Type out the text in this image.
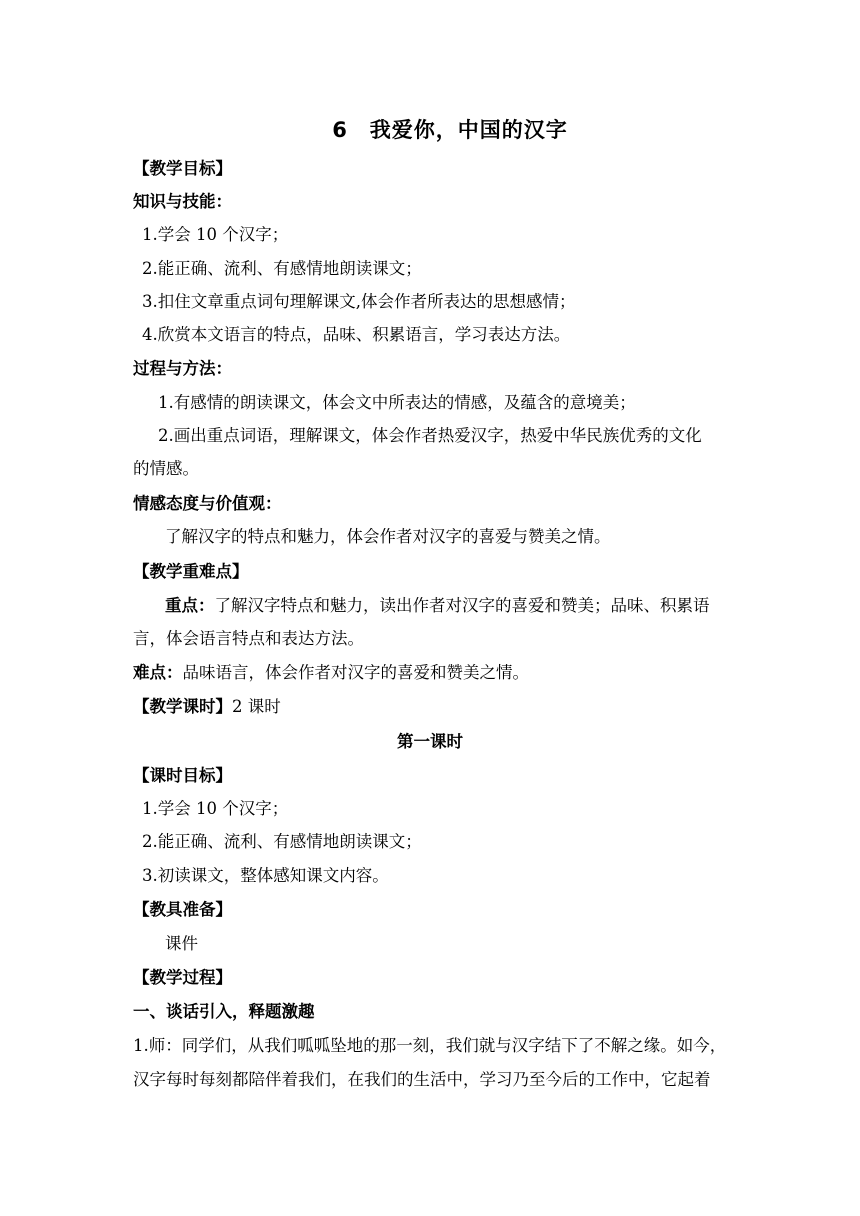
6　我爱你，中国的汉字
【教学目标】
知识与技能：
1.学会 10 个汉字；
2.能正确、流利、有感情地朗读课文；
3.扣住文章重点词句理解课文,体会作者所表达的思想感情；
4.欣赏本文语言的特点，品味、积累语言，学习表达方法。
过程与方法：
1.有感情的朗读课文，体会文中所表达的情感，及蕴含的意境美；
2.画出重点词语，理解课文，体会作者热爱汉字，热爱中华民族优秀的文化
的情感。
情感态度与价值观：
了解汉字的特点和魅力，体会作者对汉字的喜爱与赞美之情。
【教学重难点】
重点：了解汉字特点和魅力，读出作者对汉字的喜爱和赞美；品味、积累语
言，体会语言特点和表达方法。
难点：品味语言，体会作者对汉字的喜爱和赞美之情。
【教学课时】2 课时
第一课时
【课时目标】
1.学会 10 个汉字；
2.能正确、流利、有感情地朗读课文；
3.初读课文，整体感知课文内容。
【教具准备】
课件
【教学过程】
一、谈话引入，释题激趣
1.师：同学们，从我们呱呱坠地的那一刻，我们就与汉字结下了不解之缘。如今，
汉字每时每刻都陪伴着我们，在我们的生活中，学习乃至今后的工作中，它起着
